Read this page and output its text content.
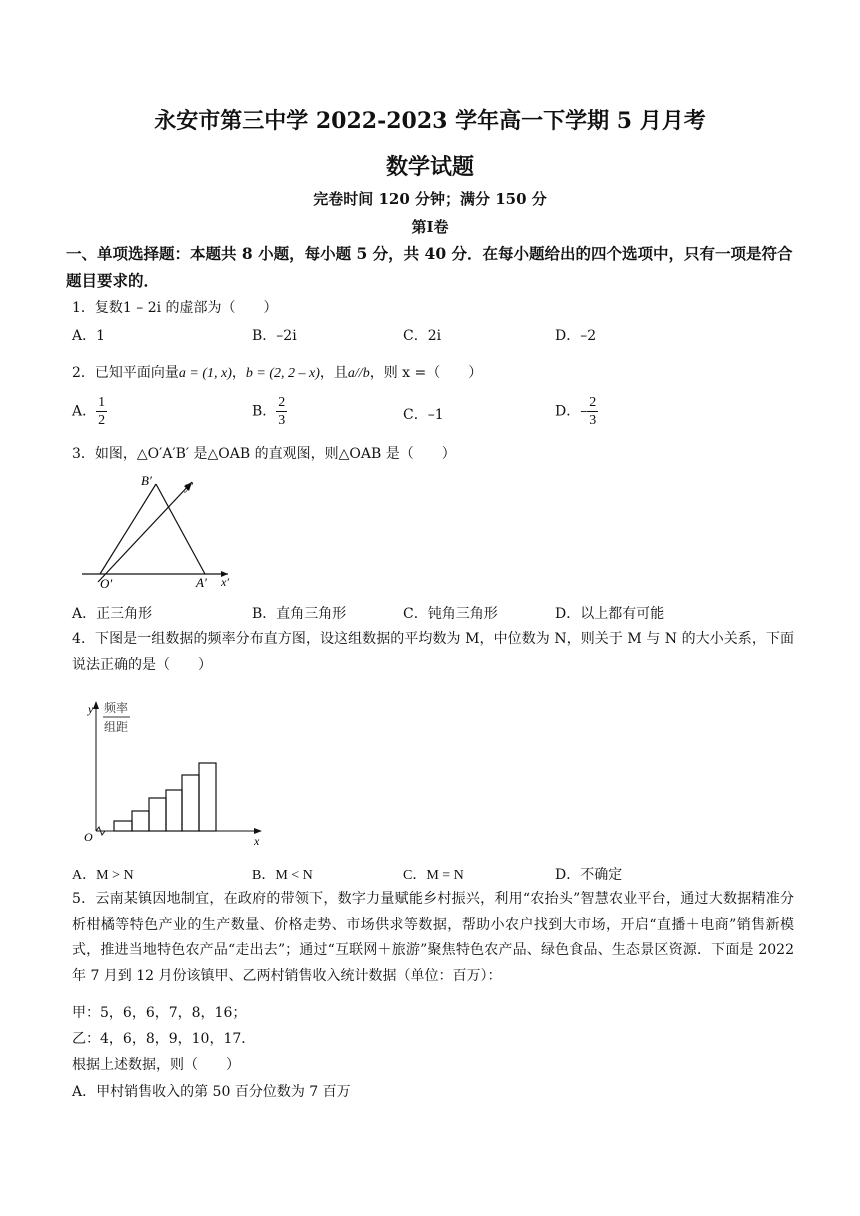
永安市第三中学 2022-2023 学年高一下学期 5 月月考
数学试题
完卷时间 120 分钟；满分 150 分
第Ⅰ卷
一、单项选择题：本题共 8 小题，每小题 5 分，共 40 分．在每小题给出的四个选项中，只有一项是符合题目要求的．
1．复数1 – 2i 的虚部为（　　）
A．1	B．–2i	C．2i	D．–2
2．已知平面向量a = (1, x)，b = (2, 2 – x)，且a//b，则 x =（　　）
A． $\frac{1}{2}$	B． $\frac{2}{3}$	C．–1	D．– $\frac{2}{3}$
3．如图，△O′A′B′ 是△OAB 的直观图，则△OAB 是（　　）
B′	y′
O′	A′ x′
A．正三角形	B．直角三角形	C．钝角三角形	D．以上都有可能
4．下图是一组数据的频率分布直方图，设这组数据的平均数为 M，中位数为 N，则关于 M 与 N 的大小关系，下面说法正确的是（　　）
y 频率
组距
O	x
A．M > N	B．M < N	C．M = N	D．不确定
5．云南某镇因地制宜，在政府的带领下，数字力量赋能乡村振兴，利用“农抬头”智慧农业平台，通过大数据精准分析柑橘等特色产业的生产数量、价格走势、市场供求等数据，帮助小农户找到大市场，开启“直播＋电商”销售新模式，推进当地特色农产品“走出去”；通过“互联网＋旅游”聚焦特色农产品、绿色食品、生态景区资源．下面是 2022 年 7 月到 12 月份该镇甲、乙两村销售收入统计数据（单位：百万）：
甲：5，6，6，7，8，16；
乙：4，6，8，9，10，17．
根据上述数据，则（　　）
A．甲村销售收入的第 50 百分位数为 7 百万
